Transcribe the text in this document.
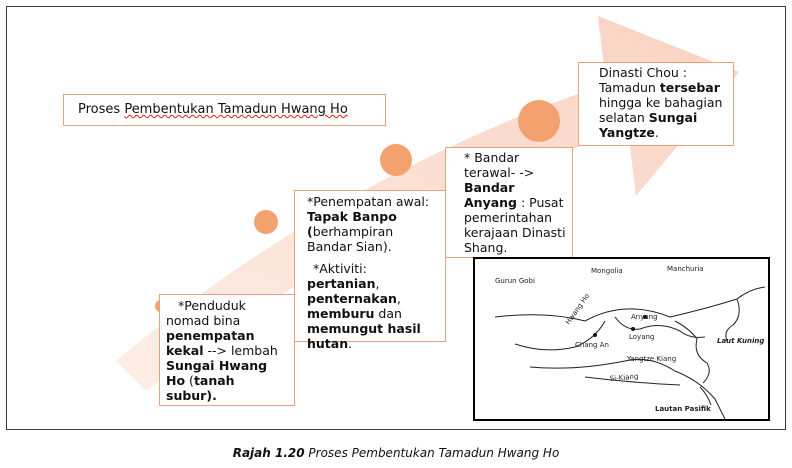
Proses Pembentukan Tamadun Hwang Ho
*Penduduk nomad bina penempatan kekal --> lembah Sungai Hwang Ho (tanah subur).
*Penempatan awal: Tapak Banpo (berhampiran Bandar Sian).
*Aktiviti: pertanian, penternakan, memburu dan memungut hasil hutan.
* Bandar terawal- -> Bandar Anyang : Pusat pemerintahan kerajaan Dinasti Shang.
Dinasti Chou : Tamadun tersebar hingga ke bahagian selatan Sungai Yangtze.
Gurun Gobi
Mongolia	Manchuria
Hwang Ho	Anyang
Loyang
Chang An	Laut Kuning
Yangtze Kiang
Si-Kiang
Lautan Pasifik
Rajah 1.20 Proses Pembentukan Tamadun Hwang Ho
